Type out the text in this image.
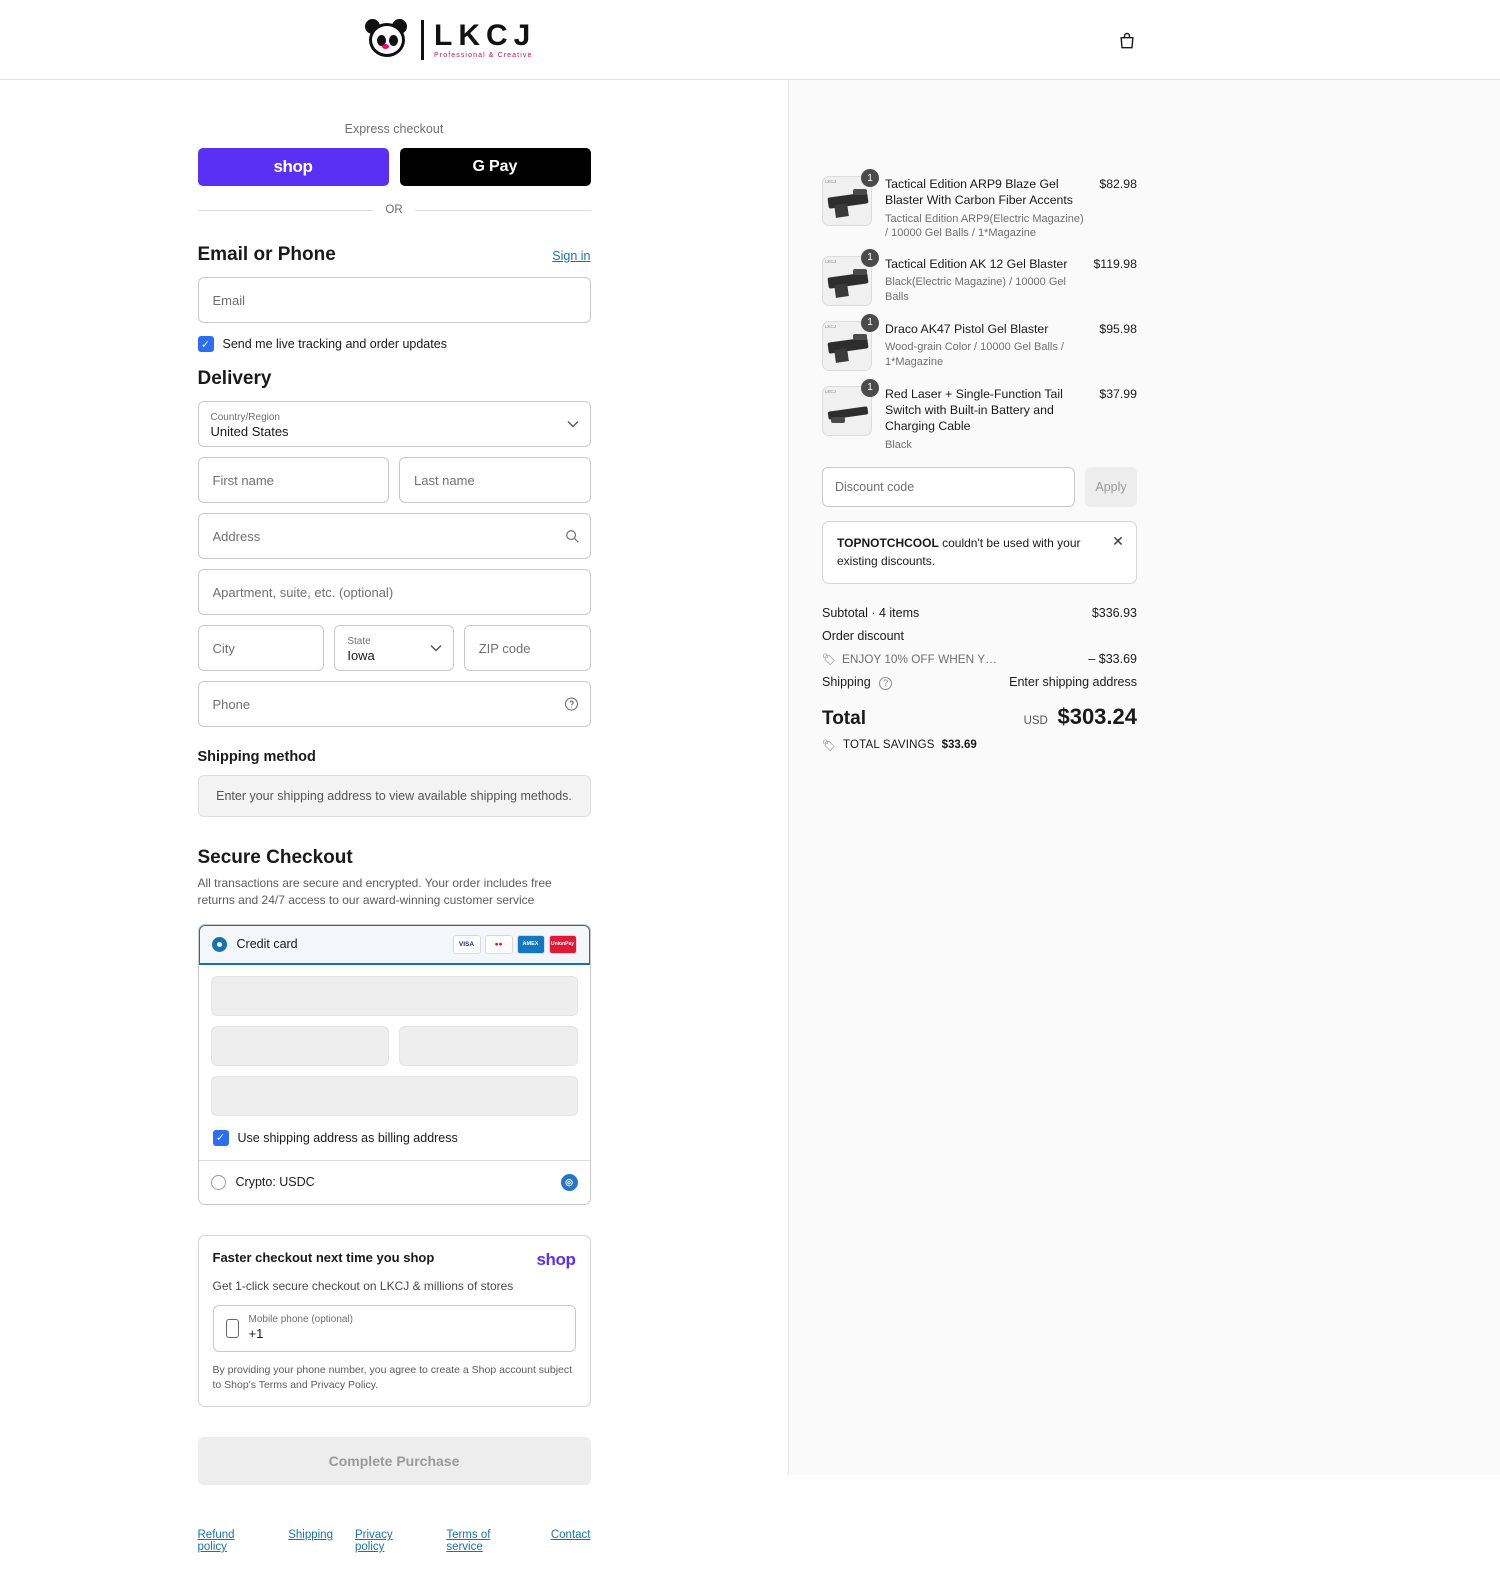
LKCJ
Professional & Creative
Express checkout
shop	G Pay
OR
Email or Phone	Sign in
Email
✓ Send me live tracking and order updates
Delivery
Country/Region
United States
First name
Last name
Address
Apartment, suite, etc. (optional)
City
State
Iowa
ZIP code
Phone
Shipping method
Enter your shipping address to view available shipping methods.
Secure Checkout
All transactions are secure and encrypted. Your order includes free returns and 24/7 access to our award-winning customer service
Credit card	VISA	●●	AMEX	UnionPay
✓ Use shipping address as billing address
Crypto: USDC	◎
Faster checkout next time you shop	shop
Get 1-click secure checkout on LKCJ & millions of stores
Mobile phone (optional)
+1
By providing your phone number, you agree to create a Shop account subject to Shop's Terms and Privacy Policy.
Complete Purchase
Refund policy
Shipping Privacy policy
Terms of service
Contact
LKCJ	1 Tactical Edition ARP9 Blaze Gel Blaster With Carbon Fiber Accents
Tactical Edition ARP9(Electric Magazine) / 10000 Gel Balls / 1*Magazine
$82.98
LKCJ	1 Tactical Edition AK 12 Gel Blaster
Black(Electric Magazine) / 10000 Gel Balls
$119.98
LKCJ	1 Draco AK47 Pistol Gel Blaster
Wood-grain Color / 10000 Gel Balls / 1*Magazine
$95.98
LKCJ	1 Red Laser + Single-Function Tail Switch with Built-in Battery and Charging Cable
Black
$37.99
Discount code
Apply
TOPNOTCHCOOL couldn't be used with your existing discounts.
✕
Subtotal · 4 items	$336.93
Order discount
🏷 ENJOY 10% OFF WHEN Y…	– $33.69
Shipping ?	Enter shipping address
Total	USD $303.24
🏷 TOTAL SAVINGS $33.69
